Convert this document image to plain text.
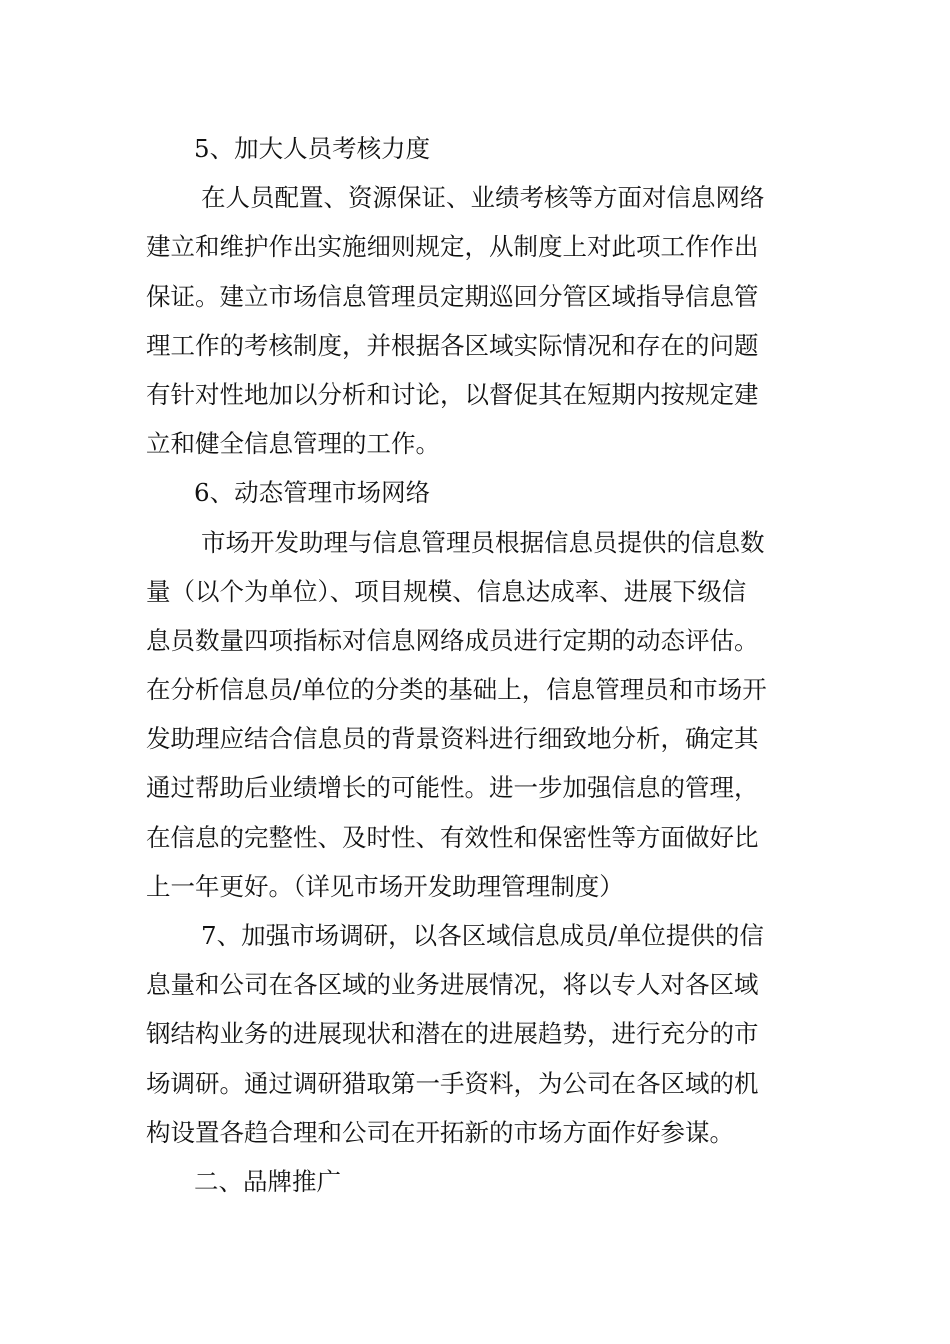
5、加大人员考核力度
在人员配置、资源保证、业绩考核等方面对信息网络
建立和维护作出实施细则规定，从制度上对此项工作作出
保证。建立市场信息管理员定期巡回分管区域指导信息管
理工作的考核制度，并根据各区域实际情况和存在的问题
有针对性地加以分析和讨论，以督促其在短期内按规定建
立和健全信息管理的工作。
6、动态管理市场网络
市场开发助理与信息管理员根据信息员提供的信息数
量（以个为单位）、项目规模、信息达成率、进展下级信
息员数量四项指标对信息网络成员进行定期的动态评估。
在分析信息员/单位的分类的基础上，信息管理员和市场开
发助理应结合信息员的背景资料进行细致地分析，确定其
通过帮助后业绩增长的可能性。进一步加强信息的管理，
在信息的完整性、及时性、有效性和保密性等方面做好比
上一年更好。（详见市场开发助理管理制度）
7、加强市场调研，以各区域信息成员/单位提供的信
息量和公司在各区域的业务进展情况，将以专人对各区域
钢结构业务的进展现状和潜在的进展趋势，进行充分的市
场调研。通过调研猎取第一手资料，为公司在各区域的机
构设置各趋合理和公司在开拓新的市场方面作好参谋。
二、品牌推广
